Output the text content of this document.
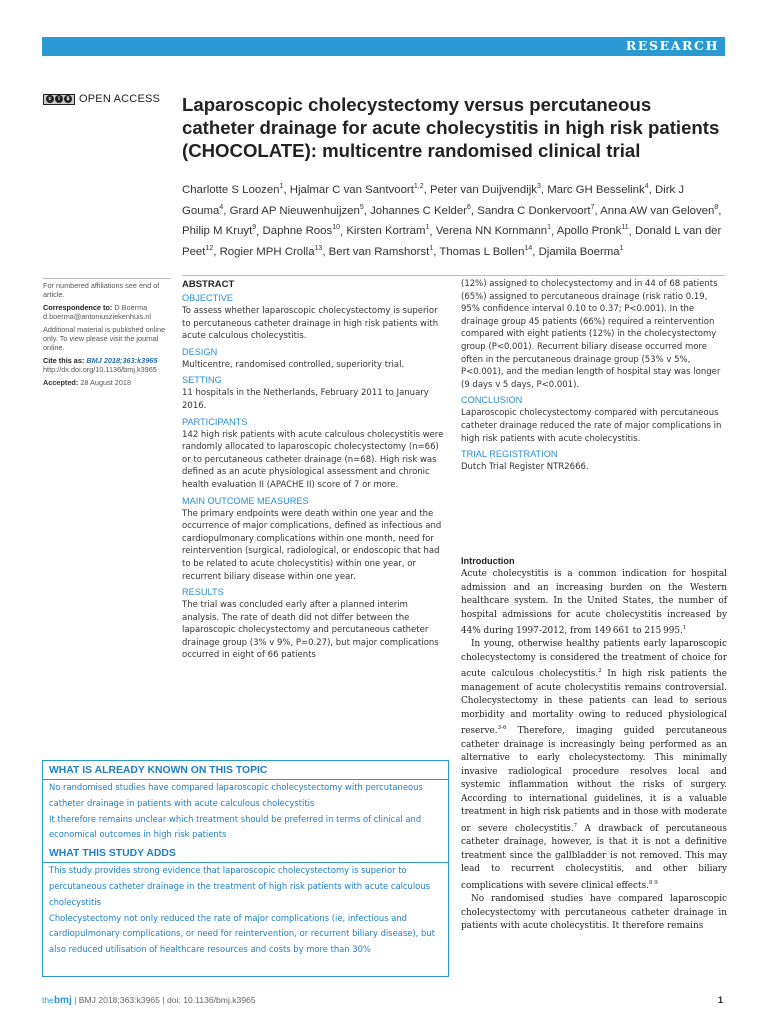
RESEARCH
c	i	$ OPEN ACCESS Laparoscopic cholecystectomy versus percutaneous catheter drainage for acute cholecystitis in high risk patients (CHOCOLATE): multicentre randomised clinical trial
Charlotte S Loozen$^1$, Hjalmar C van Santvoort$^{1,2}$, Peter van Duijvendijk$^3$, Marc GH Besselink$^4$, Dirk J Gouma$^4$, Grard AP Nieuwenhuijzen$^5$, Johannes C Kelder$^6$, Sandra C Donkervoort$^7$, Anna AW van Geloven$^8$, Philip M Kruyt$^9$, Daphne Roos$^{10}$, Kirsten Kortram$^1$, Verena NN Kornmann$^1$, Apollo Pronk$^{11}$, Donald L van der Peet$^{12}$, Rogier MPH Crolla$^{13}$, Bert van Ramshorst$^1$, Thomas L Bollen$^{14}$, Djamila Boerma$^1$

For numbered affiliations see end of article.

Correspondence to: D Boerma
d.boerma@antoniusziekenhuis.nl

Additional material is published online only. To view please visit the journal online.

Cite this as: BMJ 2018;363:k3965
http://dx.doi.org/10.1136/bmj.k3965

Accepted: 28 August 2018

ABSTRACT
OBJECTIVE

To assess whether laparoscopic cholecystectomy is superior to percutaneous catheter drainage in high risk patients with acute calculous cholecystitis.

DESIGN

Multicentre, randomised controlled, superiority trial.

SETTING

11 hospitals in the Netherlands, February 2011 to January 2016.

PARTICIPANTS

142 high risk patients with acute calculous cholecystitis were randomly allocated to laparoscopic cholecystectomy (n=66) or to percutaneous catheter drainage (n=68). High risk was defined as an acute physiological assessment and chronic health evaluation II (APACHE II) score of 7 or more.

MAIN OUTCOME MEASURES

The primary endpoints were death within one year and the occurrence of major complications, defined as infectious and cardiopulmonary complications within one month, need for reintervention (surgical, radiological, or endoscopic that had to be related to acute cholecystitis) within one year, or recurrent biliary disease within one year.

RESULTS

The trial was concluded early after a planned interim analysis. The rate of death did not differ between the laparoscopic cholecystectomy and percutaneous catheter drainage group (3% v 9%, P=0.27), but major complications occurred in eight of 66 patients

(12%) assigned to cholecystectomy and in 44 of 68 patients (65%) assigned to percutaneous drainage (risk ratio 0.19, 95% confidence interval 0.10 to 0.37; P<0.001). In the drainage group 45 patients (66%) required a reintervention compared with eight patients (12%) in the cholecystectomy group (P<0.001). Recurrent biliary disease occurred more often in the percutaneous drainage group (53% v 5%, P<0.001), and the median length of hospital stay was longer (9 days v 5 days, P<0.001).

CONCLUSION

Laparoscopic cholecystectomy compared with percutaneous catheter drainage reduced the rate of major complications in high risk patients with acute cholecystitis.

TRIAL REGISTRATION

Dutch Trial Register NTR2666.

WHAT IS ALREADY KNOWN ON THIS TOPIC

No randomised studies have compared laparoscopic cholecystectomy with percutaneous catheter drainage in patients with acute calculous cholecystitis

It therefore remains unclear which treatment should be preferred in terms of clinical and economical outcomes in high risk patients

WHAT THIS STUDY ADDS

This study provides strong evidence that laparoscopic cholecystectomy is superior to percutaneous catheter drainage in the treatment of high risk patients with acute calculous cholecystitis

Cholecystectomy not only reduced the rate of major complications (ie, infectious and cardiopulmonary complications, or need for reintervention, or recurrent biliary disease), but also reduced utilisation of healthcare resources and costs by more than 30%

Introduction

Acute cholecystitis is a common indication for hospital admission and an increasing burden on the Western healthcare system. In the United States, the number of hospital admissions for acute cholecystitis increased by 44% during 1997-2012, from 149 661 to 215 995.$^1$

In young, otherwise healthy patients early laparoscopic cholecystectomy is considered the treatment of choice for acute calculous cholecystitis.$^2$ In high risk patients the management of acute cholecystitis remains controversial. Cholecystectomy in these patients can lead to serious morbidity and mortality owing to reduced physiological reserve.$^{3-6}$ Therefore, imaging guided percutaneous catheter drainage is increasingly being performed as an alternative to early cholecystectomy. This minimally invasive radiological procedure resolves local and systemic inflammation without the risks of surgery. According to international guidelines, it is a valuable treatment in high risk patients and in those with moderate or severe cholecystitis.$^7$ A drawback of percutaneous catheter drainage, however, is that it is not a definitive treatment since the gallbladder is not removed. This may lead to recurrent cholecystitis, and other biliary complications with severe clinical effects.$^{8 9}$

No randomised studies have compared laparoscopic cholecystectomy with percutaneous catheter drainage in patients with acute cholecystitis. It therefore remains

thebmj | BMJ 2018;363:k3965 | doi: 10.1136/bmj.k3965	1
